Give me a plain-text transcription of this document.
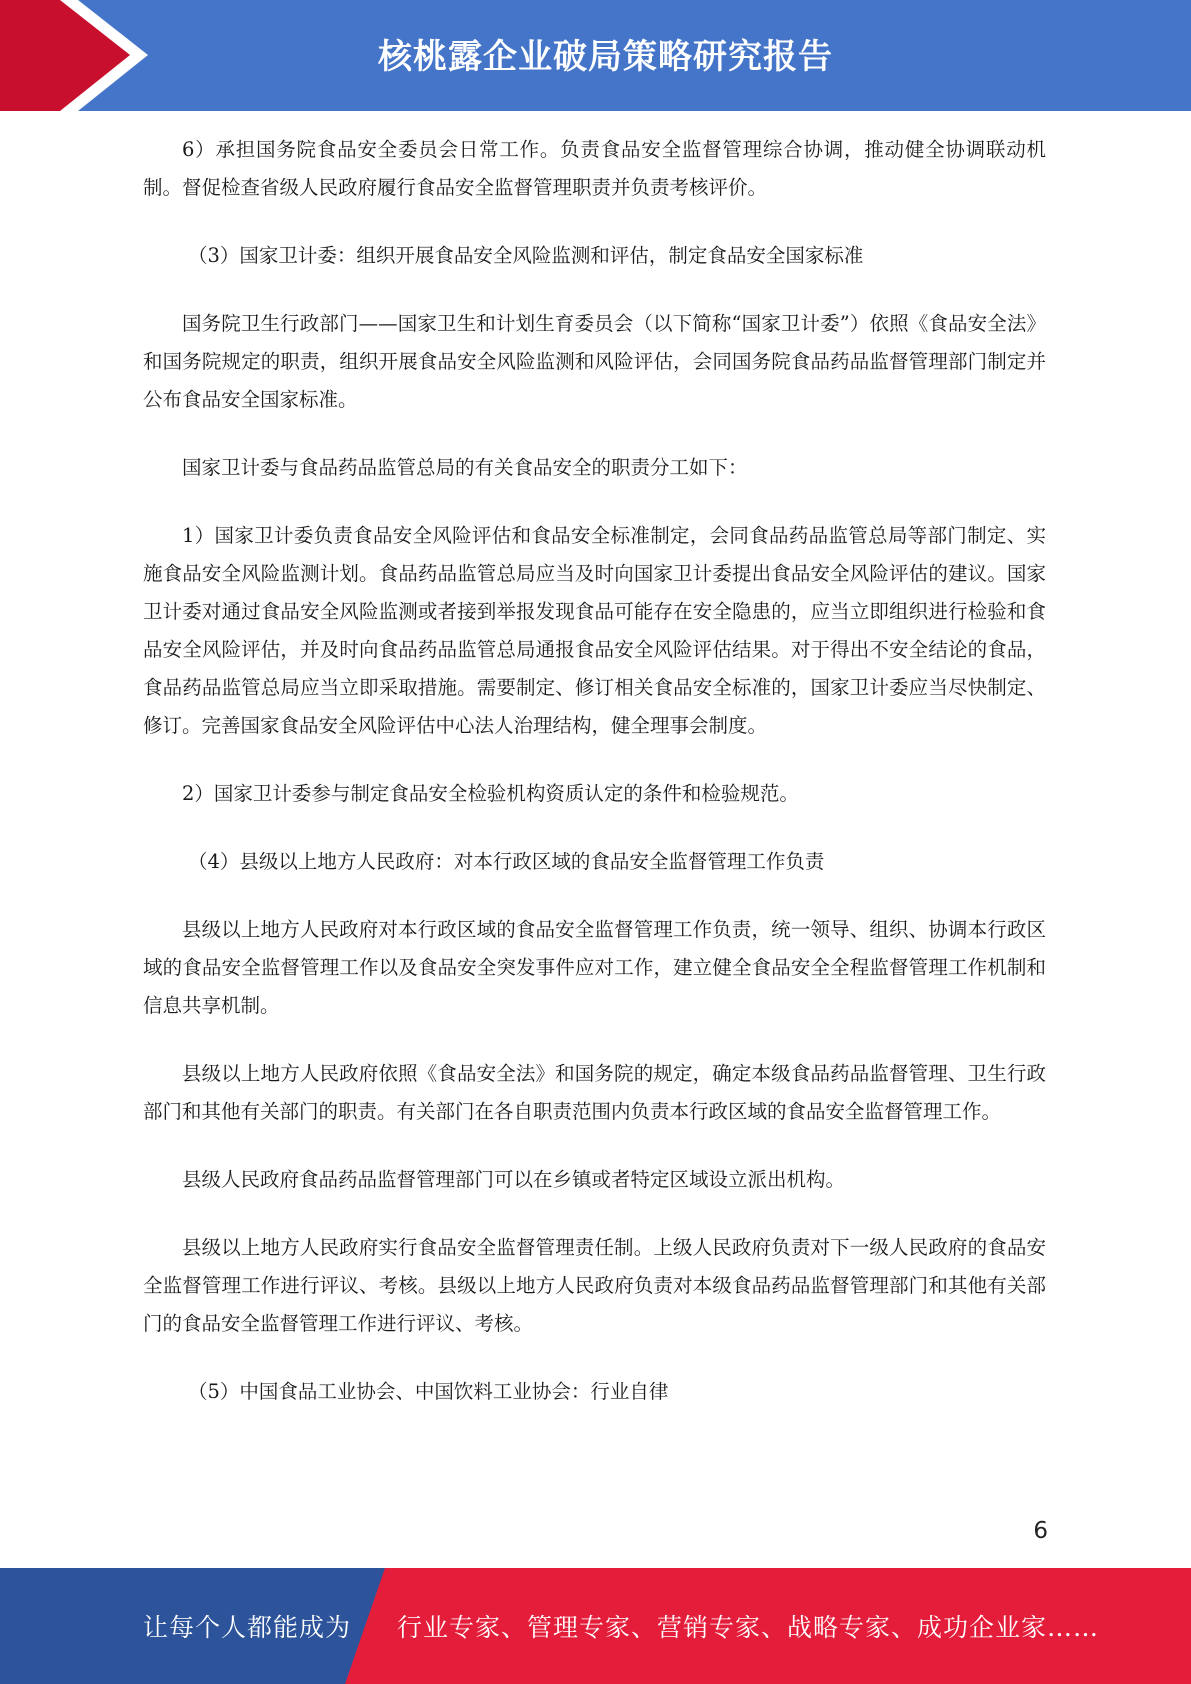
核桃露企业破局策略研究报告

6）承担国务院食品安全委员会日常工作。负责食品安全监督管理综合协调，推动健全协调联动机制。督促检查省级人民政府履行食品安全监督管理职责并负责考核评价。

（3）国家卫计委：组织开展食品安全风险监测和评估，制定食品安全国家标准

国务院卫生行政部门——国家卫生和计划生育委员会（以下简称“国家卫计委”）依照《食品安全法》和国务院规定的职责，组织开展食品安全风险监测和风险评估，会同国务院食品药品监督管理部门制定并公布食品安全国家标准。

国家卫计委与食品药品监管总局的有关食品安全的职责分工如下：

1）国家卫计委负责食品安全风险评估和食品安全标准制定，会同食品药品监管总局等部门制定、实施食品安全风险监测计划。食品药品监管总局应当及时向国家卫计委提出食品安全风险评估的建议。国家卫计委对通过食品安全风险监测或者接到举报发现食品可能存在安全隐患的，应当立即组织进行检验和食品安全风险评估，并及时向食品药品监管总局通报食品安全风险评估结果。对于得出不安全结论的食品，食品药品监管总局应当立即采取措施。需要制定、修订相关食品安全标准的，国家卫计委应当尽快制定、修订。完善国家食品安全风险评估中心法人治理结构，健全理事会制度。

2）国家卫计委参与制定食品安全检验机构资质认定的条件和检验规范。

（4）县级以上地方人民政府：对本行政区域的食品安全监督管理工作负责

县级以上地方人民政府对本行政区域的食品安全监督管理工作负责，统一领导、组织、协调本行政区域的食品安全监督管理工作以及食品安全突发事件应对工作，建立健全食品安全全程监督管理工作机制和信息共享机制。

县级以上地方人民政府依照《食品安全法》和国务院的规定，确定本级食品药品监督管理、卫生行政部门和其他有关部门的职责。有关部门在各自职责范围内负责本行政区域的食品安全监督管理工作。

县级人民政府食品药品监督管理部门可以在乡镇或者特定区域设立派出机构。

县级以上地方人民政府实行食品安全监督管理责任制。上级人民政府负责对下一级人民政府的食品安全监督管理工作进行评议、考核。县级以上地方人民政府负责对本级食品药品监督管理部门和其他有关部门的食品安全监督管理工作进行评议、考核。

（5）中国食品工业协会、中国饮料工业协会：行业自律

6
让每个人都能成为 行业专家、管理专家、营销专家、战略专家、成功企业家……
